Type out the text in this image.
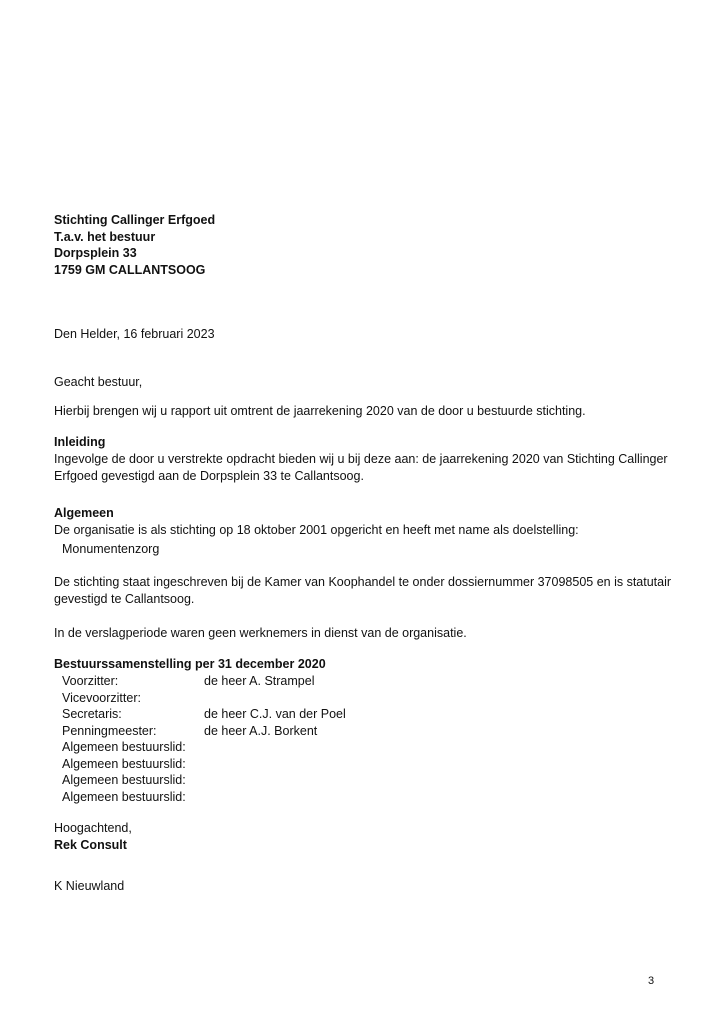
Stichting Callinger Erfgoed
T.a.v. het bestuur
Dorpsplein 33
1759 GM CALLANTSOOG
Den Helder, 16 februari 2023
Geacht bestuur,
Hierbij brengen wij u rapport uit omtrent de jaarrekening 2020 van de door u bestuurde stichting.
Inleiding
Ingevolge de door u verstrekte opdracht bieden wij u bij deze aan: de jaarrekening 2020 van Stichting Callinger
Erfgoed gevestigd aan de Dorpsplein 33 te Callantsoog.
Algemeen
De organisatie is als stichting op 18 oktober 2001 opgericht en heeft met name als doelstelling:
Monumentenzorg
De stichting staat ingeschreven bij de Kamer van Koophandel te onder dossiernummer 37098505 en is statutair
gevestigd te Callantsoog.
In de verslagperiode waren geen werknemers in dienst van de organisatie.
Bestuurssamenstelling per 31 december 2020
Voorzitter:	de heer A. Strampel
Vicevoorzitter:
Secretaris:	de heer C.J. van der Poel
Penningmeester:	de heer A.J. Borkent
Algemeen bestuurslid:
Algemeen bestuurslid:
Algemeen bestuurslid:
Algemeen bestuurslid:
Hoogachtend,
Rek Consult
K Nieuwland
3
